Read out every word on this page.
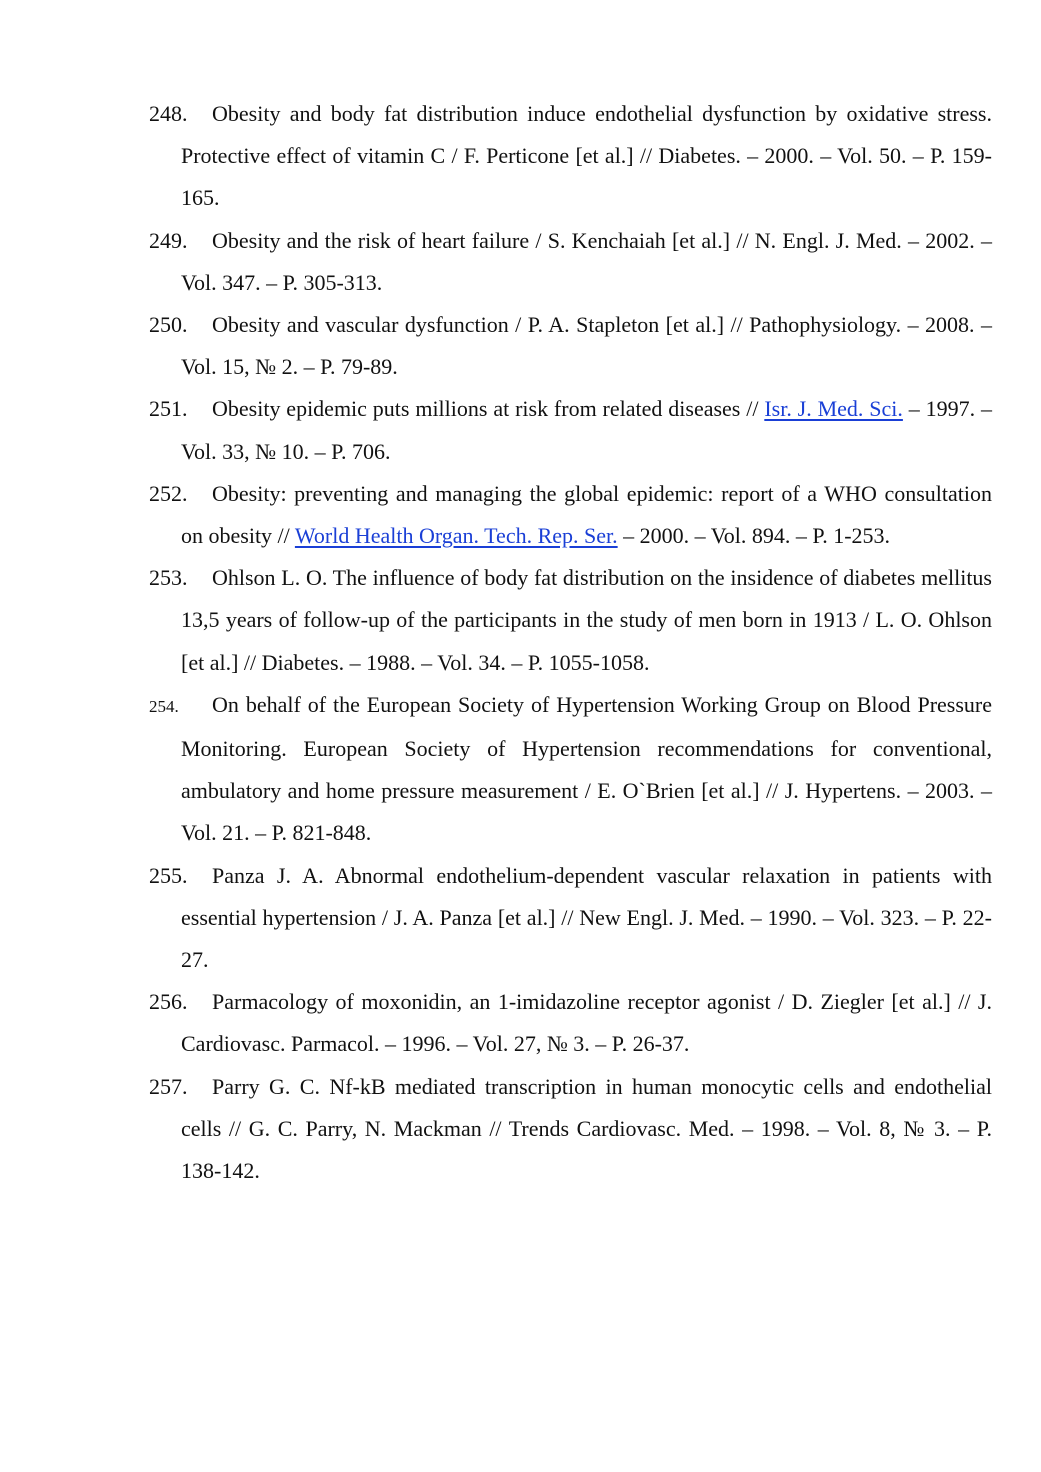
248. Obesity and body fat distribution induce endothelial dysfunction by oxidative stress. Protective effect of vitamin C / F. Perticone [et al.] // Diabetes. – 2000. – Vol. 50. – P. 159-165.

249. Obesity and the risk of heart failure / S. Kenchaiah [et al.] // N. Engl. J. Med. – 2002. – Vol. 347. – P. 305-313.

250. Obesity and vascular dysfunction / P. A. Stapleton [et al.] // Pathophysiology. – 2008. – Vol. 15, № 2. – P. 79-89.

251. Obesity epidemic puts millions at risk from related diseases // Isr. J. Med. Sci. – 1997. – Vol. 33, № 10. – P. 706.

252. Obesity: preventing and managing the global epidemic: report of a WHO consultation on obesity // World Health Organ. Tech. Rep. Ser. – 2000. – Vol. 894. – P. 1-253.

253. Ohlson L. O. The influence of body fat distribution on the insidence of diabetes mellitus 13,5 years of follow-up of the participants in the study of men born in 1913 / L. O. Ohlson [et al.] // Diabetes. – 1988. – Vol. 34. – P. 1055-1058.

254. On behalf of the European Society of Hypertension Working Group on Blood Pressure Monitoring. European Society of Hypertension recommendations for conventional, ambulatory and home pressure measurement / E. O`Brien [et al.] // J. Hypertens. – 2003. – Vol. 21. – P. 821-848.

255. Panza J. A. Abnormal endothelium-dependent vascular relaxation in patients with essential hypertension / J. A. Panza [et al.] // New Engl. J. Med. – 1990. – Vol. 323. – P. 22-27.

256. Parmacology of moxonidin, an 1-imidazoline receptor agonist / D. Ziegler [et al.] // J. Cardiovasc. Parmacol. – 1996. – Vol. 27, № 3. – P. 26-37.

257. Parry G. C. Nf-kB mediated transcription in human monocytic cells and endothelial cells // G. C. Parry, N. Mackman // Trends Cardiovasc. Med. – 1998. – Vol. 8, № 3. – P. 138-142.
